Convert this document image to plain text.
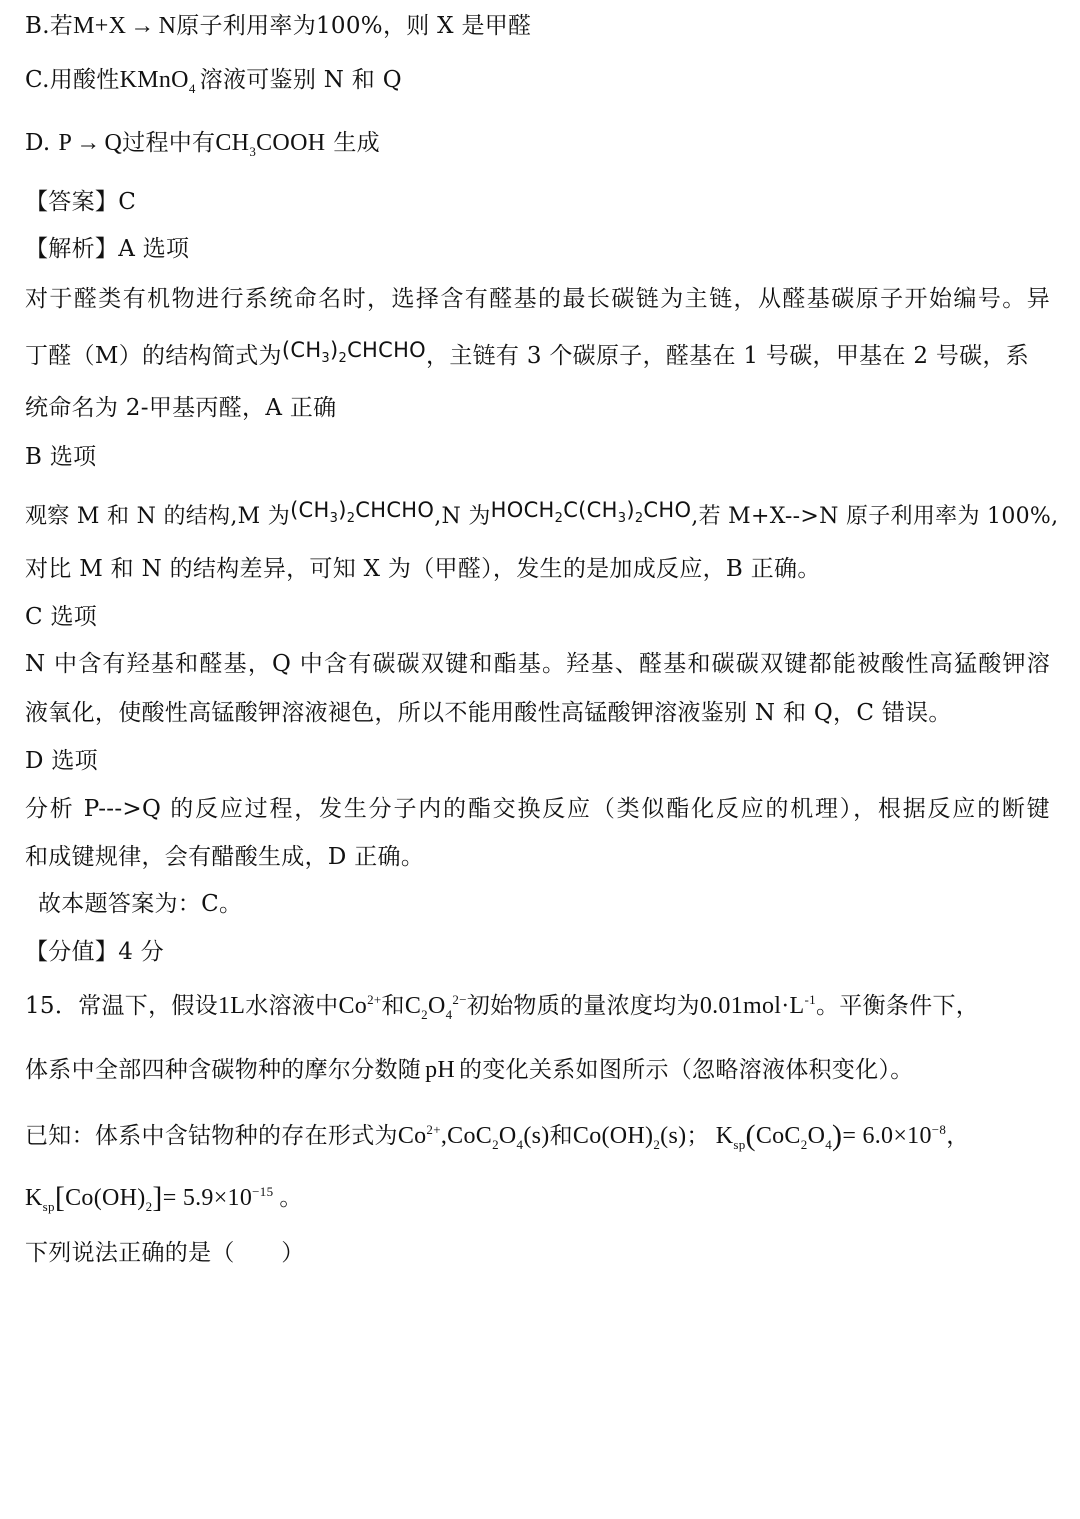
B.若M+X → N原子利用率为100%，则 X 是甲醛
C.用酸性KMnO$_4$ 溶液可鉴别 N 和 Q
D. P → Q过程中有$CH_3COOH$ 生成
【答案】C
【解析】A 选项
对于醛类有机物进行系统命名时，选择含有醛基的最长碳链为主链，从醛基碳原子开始编号。异
丁醛（M）的结构简式为$(CH_3)_2CHCHO$，主链有 3 个碳原子，醛基在 1 号碳，甲基在 2 号碳，系
统命名为 2-甲基丙醛，A 正确
B 选项
观察 M 和 N 的结构,M 为$(CH_3)_2CHCHO,N$ 为$HOCH_2C(CH_3)_2CHO$,若 M+X-->N 原子利用率为 100%,
对比 M 和 N 的结构差异，可知 X 为（甲醛），发生的是加成反应，B 正确。
C 选项
N 中含有羟基和醛基，Q 中含有碳碳双键和酯基。羟基、醛基和碳碳双键都能被酸性高猛酸钾溶
液氧化，使酸性高锰酸钾溶液褪色，所以不能用酸性高锰酸钾溶液鉴别 N 和 Q，C 错误。
D 选项
分析 P--->Q 的反应过程，发生分子内的酯交换反应（类似酯化反应的机理），根据反应的断键
和成键规律，会有醋酸生成，D 正确。
故本题答案为：C。
【分值】4 分
15．常温下，假设1L水溶液中$Co^{2+}$和$C_2O_4^{2-}$初始物质的量浓度均为$0.01mol\cdot L^{-1}$。平衡条件下，
体系中全部四种含碳物种的摩尔分数随 pH 的变化关系如图所示（忽略溶液体积变化）。
已知：体系中含钴物种的存在形式为$Co^{2+},CoC_2O_4(s)$和$Co(OH)_2(s)$； $K_{sp}(CoC_2O_4)= 6.0\times 10^{-8}$，
$K_{sp}[Co(OH)_2]= 5.9\times 10^{-15}$ 。
下列说法正确的是（　　）
